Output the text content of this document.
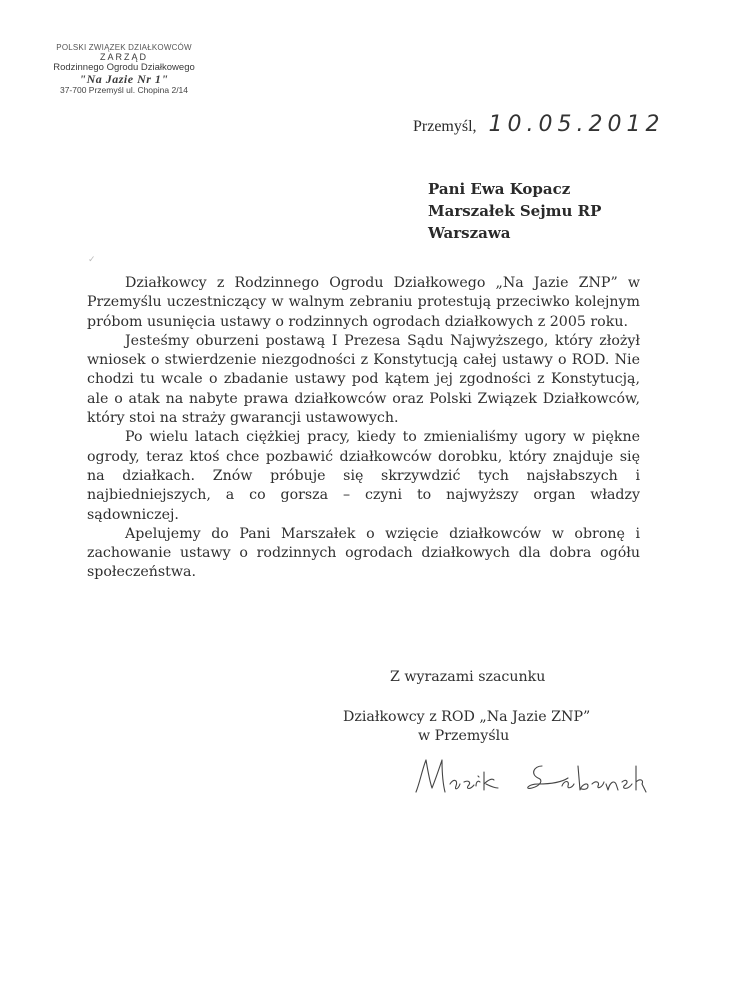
POLSKI ZWIĄZEK DZIAŁKOWCÓW
ZARZĄD
Rodzinnego Ogrodu Działkowego
"Na Jazie Nr 1"
37-700 Przemyśl ul. Chopina 2/14
Przemyśl, 10.05.2012
Pani Ewa Kopacz
Marszałek Sejmu RP
Warszawa
✓

Działkowcy z Rodzinnego Ogrodu Działkowego „Na Jazie ZNP” w Przemyślu uczestniczący w walnym zebraniu protestują przeciwko kolejnym próbom usunięcia ustawy o rodzinnych ogrodach działkowych z 2005 roku.

Jesteśmy oburzeni postawą I Prezesa Sądu Najwyższego, który złożył wniosek o stwierdzenie niezgodności z Konstytucją całej ustawy o ROD. Nie chodzi tu wcale o zbadanie ustawy pod kątem jej zgodności z Konstytucją, ale o atak na nabyte prawa działkowców oraz Polski Związek Działkowców, który stoi na straży gwarancji ustawowych.

Po wielu latach ciężkiej pracy, kiedy to zmienialiśmy ugory w piękne ogrody, teraz ktoś chce pozbawić działkowców dorobku, który znajduje się na działkach. Znów próbuje się skrzywdzić tych najsłabszych i najbiedniejszych, a co gorsza – czyni to najwyższy organ władzy sądowniczej.

Apelujemy do Pani Marszałek o wzięcie działkowców w obronę i zachowanie ustawy o rodzinnych ogrodach działkowych dla dobra ogółu społeczeństwa.

Z wyrazami szacunku
Działkowcy z ROD „Na Jazie ZNP”
w Przemyślu
